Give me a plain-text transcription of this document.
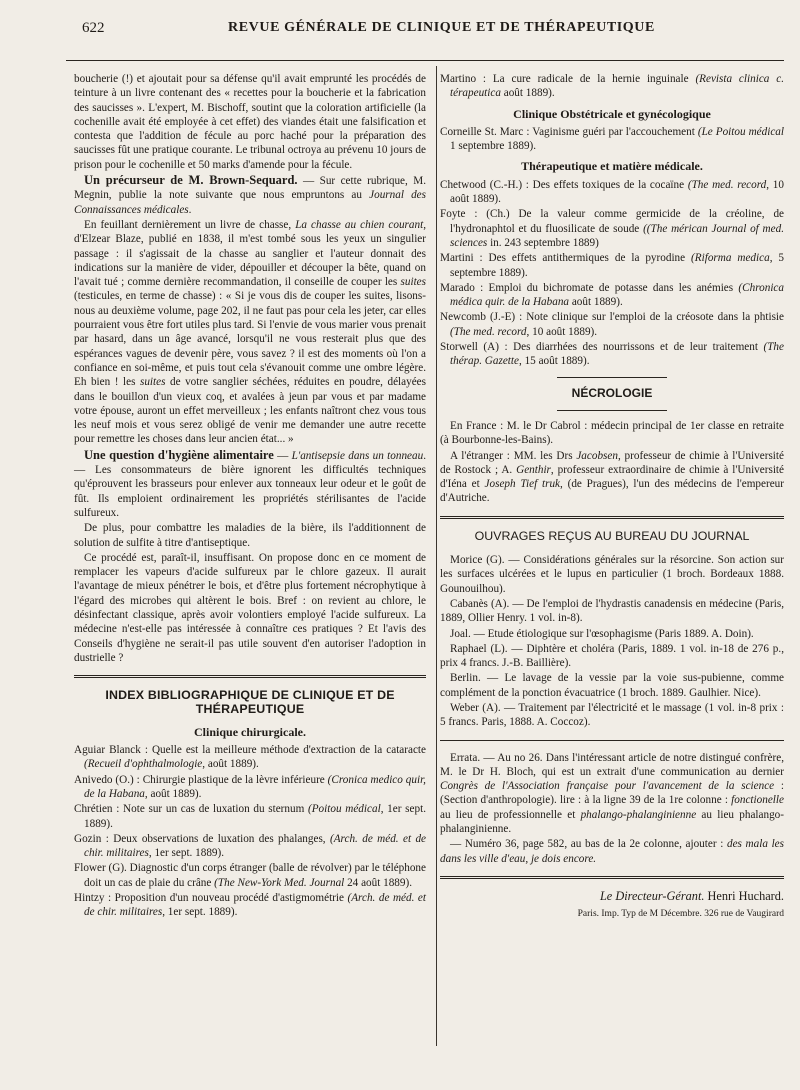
622	REVUE GÉNÉRALE DE CLINIQUE ET DE THÉRAPEUTIQUE

boucherie (!) et ajoutait pour sa défense qu'il avait emprunté les procédés de teinture à un livre contenant des « recettes pour la boucherie et la fabrication des saucisses ». L'expert, M. Bischoff, soutint que la coloration artificielle (la cochenille avait été employée à cet effet) des viandes était une falsification et contesta que l'addition de fécule au porc haché pour la préparation des saucisses fût une pratique courante. Le tribunal octroya au prévenu 10 jours de prison pour le cochenille et 50 marks d'amende pour la fécule.

Un précurseur de M. Brown-Sequard. — Sur cette rubrique, M. Megnin, publie la note suivante que nous empruntons au Journal des Connaissances médicales.

En feuillant dernièrement un livre de chasse, La chasse au chien courant, d'Elzear Blaze, publié en 1838, il m'est tombé sous les yeux un singulier passage : il s'agissait de la chasse au sanglier et l'auteur donnait des indications sur la manière de vider, dépouiller et découper la bête, quand on l'avait tué ; comme dernière recommandation, il conseille de couper les suites (testicules, en terme de chasse) : « Si je vous dis de couper les suites, lisons-nous au deuxième volume, page 202, il ne faut pas pour cela les jeter, car elles pourraient vous être fort utiles plus tard. Si l'envie de vous marier vous prenait par hasard, dans un âge avancé, lorsqu'il ne vous resterait plus que des espérances vagues de devenir père, vous savez ? il est des moments où l'on a confiance en soi-même, et puis tout cela s'évanouit comme une ombre légère. Eh bien ! les suites de votre sanglier séchées, réduites en poudre, délayées dans le bouillon d'un vieux coq, et avalées à jeun par vous et par madame votre épouse, auront un effet merveilleux ; les enfants naîtront chez vous tous les neuf mois et vous serez obligé de venir me demander une autre recette pour remettre les choses dans leur ancien état... »

Une question d'hygiène alimentaire — L'antisepsie dans un tonneau. — Les consommateurs de bière ignorent les difficultés techniques qu'éprouvent les brasseurs pour enlever aux tonneaux leur odeur et le goût de fût. Ils emploient ordinairement les propriétés stérilisantes de l'acide sulfureux.

De plus, pour combattre les maladies de la bière, ils l'additionnent de solution de sulfite à titre d'antiseptique.

Ce procédé est, paraît-il, insuffisant. On propose donc en ce moment de remplacer les vapeurs d'acide sulfureux par le chlore gazeux. Il aurait l'avantage de mieux pénétrer le bois, et d'être plus fortement nécrophytique à l'égard des microbes qui altèrent le bois. Bref : on revient au chlore, le désinfectant classique, après avoir volontiers employé l'acide sulfureux. La médecine n'est-elle pas intéressée à connaître ces pratiques ? Et l'avis des Conseils d'hygiène ne serait-il pas utile souvent d'en autoriser l'adoption in dustrielle ?

INDEX BIBLIOGRAPHIQUE DE CLINIQUE ET DE THÉRAPEUTIQUE
Clinique chirurgicale.

Aguiar Blanck : Quelle est la meilleure méthode d'extraction de la cataracte (Recueil d'ophthalmologie, août 1889).

Anivedo (O.) : Chirurgie plastique de la lèvre inférieure (Cronica medico quir, de la Habana, août 1889).

Chrétien : Note sur un cas de luxation du sternum (Poitou médical, 1er sept. 1889).

Gozin : Deux observations de luxation des phalanges, (Arch. de méd. et de chir. militaires, 1er sept. 1889).

Flower (G). Diagnostic d'un corps étranger (balle de révolver) par le téléphone doit un cas de plaie du crâne (The New-York Med. Journal 24 août 1889).

Hintzy : Proposition d'un nouveau procédé d'astigmométrie (Arch. de méd. et de chir. militaires, 1er sept. 1889).

Martino : La cure radicale de la hernie inguinale (Revista clinica c. térapeutica août 1889).

Clinique Obstétricale et gynécologique

Corneille St. Marc : Vaginisme guéri par l'accouchement (Le Poitou médical 1 septembre 1889).

Thérapeutique et matière médicale.

Chetwood (C.-H.) : Des effets toxiques de la cocaïne (The med. record, 10 août 1889).

Foyte : (Ch.) De la valeur comme germicide de la créoline, de l'hydronaphtol et du fluosilicate de soude ((The mérican Journal of med. sciences in. 243 septembre 1889)

Martini : Des effets antithermiques de la pyrodine (Riforma medica, 5 septembre 1889).

Marado : Emploi du bichromate de potasse dans les anémies (Chronica médica quir. de la Habana août 1889).

Newcomb (J.-E) : Note clinique sur l'emploi de la créosote dans la phtisie (The med. record, 10 août 1889).

Storwell (A) : Des diarrhées des nourrissons et de leur traitement (The thérap. Gazette, 15 août 1889).

NÉCROLOGIE

En France : M. le Dr Cabrol : médecin principal de 1er classe en retraite (à Bourbonne-les-Bains).

A l'étranger : MM. les Drs Jacobsen, professeur de chimie à l'Université de Rostock ; A. Genthir, professeur extraordinaire de chimie à l'Université d'Iéna et Joseph Tief truk, (de Pragues), l'un des médecins de l'empereur d'Autriche.

OUVRAGES REÇUS AU BUREAU DU JOURNAL

Morice (G). — Considérations générales sur la résorcine. Son action sur les surfaces ulcérées et le lupus en particulier (1 broch. Bordeaux 1888. Gounouilhou).

Cabanès (A). — De l'emploi de l'hydrastis canadensis en médecine (Paris, 1889, Ollier Henry. 1 vol. in-8).

Joal. — Etude étiologique sur l'œsophagisme (Paris 1889. A. Doin).

Raphael (L). — Diphtère et choléra (Paris, 1889. 1 vol. in-18 de 276 p., prix 4 francs. J.-B. Baillière).

Berlin. — Le lavage de la vessie par la voie sus-pubienne, comme complément de la ponction évacuatrice (1 broch. 1889. Gaulhier. Nice).

Weber (A). — Traitement par l'électricité et le massage (1 vol. in-8 prix : 5 francs. Paris, 1888. A. Coccoz).

Errata. — Au no 26. Dans l'intéressant article de notre distingué confrère, M. le Dr H. Bloch, qui est un extrait d'une communication au dernier Congrès de l'Association française pour l'avancement de la science : (Section d'anthropologie). lire : à la ligne 39 de la 1re colonne : fonctionelle au lieu de professionnelle et phalango-phalanginienne au lieu phalango-phalanginienne.

— Numéro 36, page 582, au bas de la 2e colonne, ajouter : des mala les dans les ville d'eau, je dois encore.

Le Directeur-Gérant. Henri Huchard.
Paris. Imp. Typ de M Décembre. 326 rue de Vaugirard
